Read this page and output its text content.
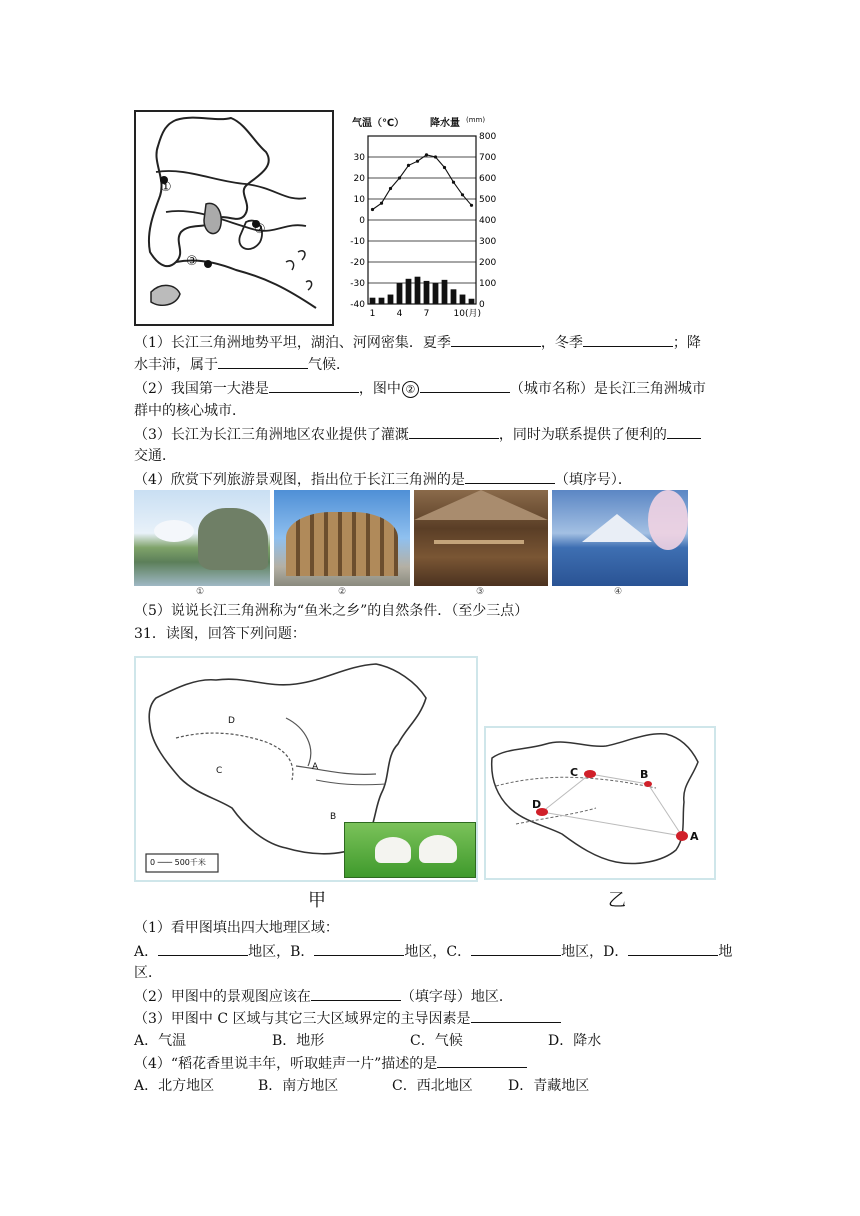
①
②
③
气温（℃）	降水量 (mm)
30
20
10
0
-10
-20
-30
-40
800
700
600
500
400
300
200
100
0
1 4 7	10(月)
（1）长江三角洲地势平坦，湖泊、河网密集．夏季	，冬季	；降
水丰沛，属于	气候．
（2）我国第一大港是	，图中 ②	（城市名称）是长江三角洲城市
群中的核心城市．
（3）长江为长江三角洲地区农业提供了灌溉	，同时为联系提供了便利的
交通．
（4）欣赏下列旅游景观图，指出位于长江三角洲的是	（填序号）．
①	②	③	④
（5）说说长江三角洲称为“鱼米之乡”的自然条件．（至少三点）
31．读图，回答下列问题：
D
C	A
B
0 ─── 500千米
C	B
D
A
甲	乙
（1）看甲图填出四大地理区域：
A．	地区，B．	地区，C．	地区，D．	地
区．
（2）甲图中的景观图应该在	（填字母）地区．
（3）甲图中 C 区域与其它三大区域界定的主导因素是
A．气温	B．地形	C．气候	D．降水
（4）“稻花香里说丰年，听取蛙声一片”描述的是
A．北方地区	B．南方地区	C．西北地区	D．青藏地区
